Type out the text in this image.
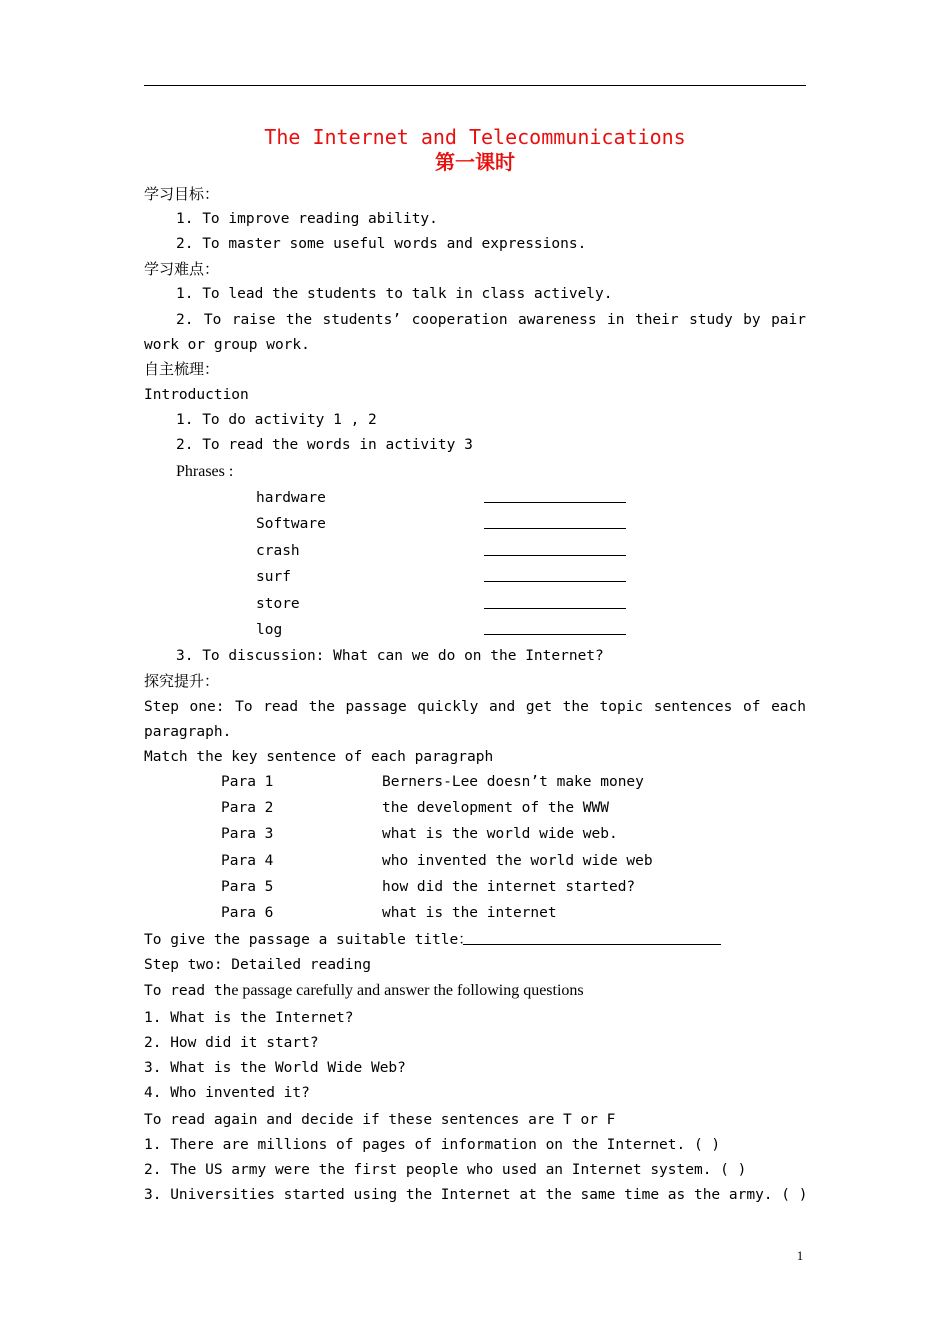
The Internet and Telecommunications
第一课时
学习目标：
1. To improve reading ability.
2. To master some useful words and expressions.
学习难点：
1. To lead the students to talk in class actively.
2. To raise the students’ cooperation awareness in their study by pair
work or group work.
自主梳理：
Introduction
1. To do activity 1 , 2
2. To read the words in activity 3
Phrases :
hardware
Software
crash
surf
store
log
3. To discussion: What can we do on the Internet?
探究提升：
Step one: To read the passage quickly and get the topic sentences of each
paragraph.
Match the key sentence of each paragraph
Para 1
Para 2
Para 3
Para 4
Para 5
Para 6
Berners-Lee doesn’t make money
the development of the WWW
what is the world wide web.
who invented the world wide web
how did the internet started?
what is the internet
To give the passage a suitable title：
Step two: Detailed reading
To read the passage carefully and answer the following questions
1. What is the Internet?
2. How did it start?
3. What is the World Wide Web?
4. Who invented it?
To read again and decide if these sentences are T or F
1. There are millions of pages of information on the Internet. ( )
2. The US army were the first people who used an Internet system. ( )
3. Universities started using the Internet at the same time as the army. ( )
1
